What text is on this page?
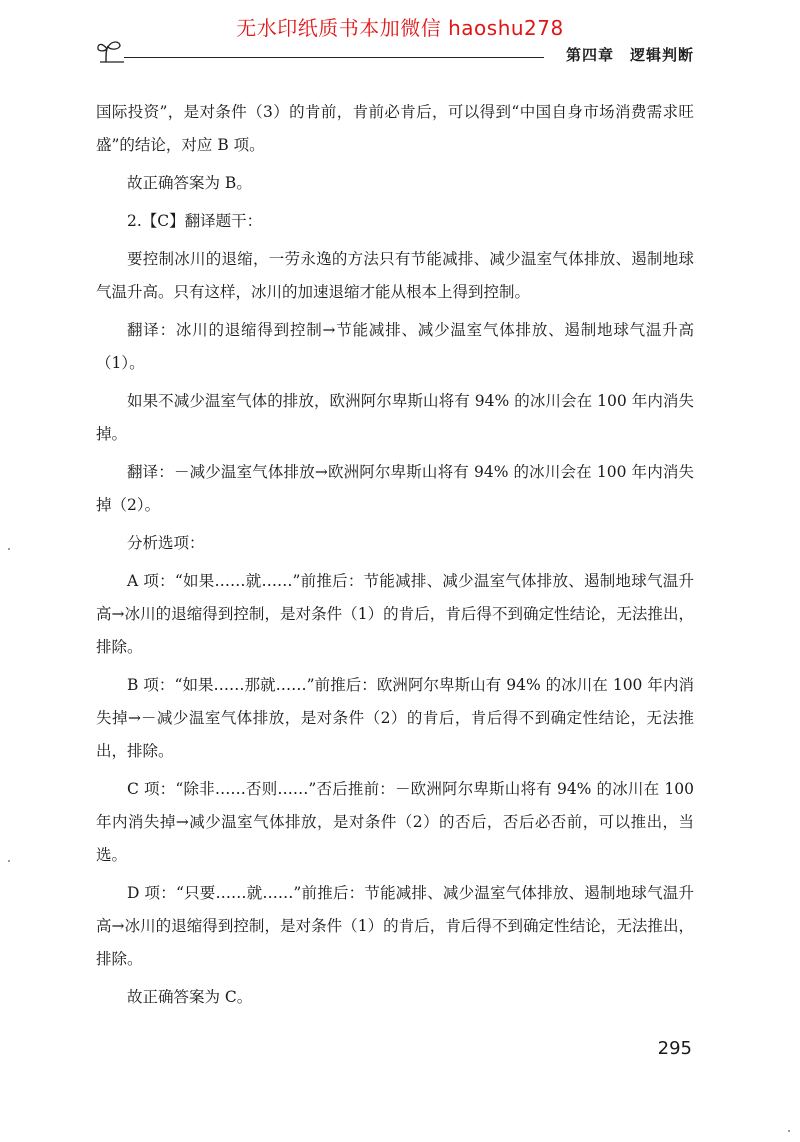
无水印纸质书本加微信 haoshu278
第四章 逻辑判断

国际投资”，是对条件（3）的肯前，肯前必肯后，可以得到“中国自身市场消费需求旺盛”的结论，对应 B 项。

故正确答案为 B。

2.【C】翻译题干：

要控制冰川的退缩，一劳永逸的方法只有节能减排、减少温室气体排放、遏制地球气温升高。只有这样，冰川的加速退缩才能从根本上得到控制。

翻译：冰川的退缩得到控制→节能减排、减少温室气体排放、遏制地球气温升高（1）。

如果不减少温室气体的排放，欧洲阿尔卑斯山将有 94% 的冰川会在 100 年内消失掉。

翻译：－减少温室气体排放→欧洲阿尔卑斯山将有 94% 的冰川会在 100 年内消失掉（2）。

分析选项：

A 项：“如果……就……”前推后：节能减排、减少温室气体排放、遏制地球气温升高→冰川的退缩得到控制，是对条件（1）的肯后，肯后得不到确定性结论，无法推出，排除。

B 项：“如果……那就……”前推后：欧洲阿尔卑斯山有 94% 的冰川在 100 年内消失掉→－减少温室气体排放，是对条件（2）的肯后，肯后得不到确定性结论，无法推出，排除。

C 项：“除非……否则……”否后推前：－欧洲阿尔卑斯山将有 94% 的冰川在 100 年内消失掉→减少温室气体排放，是对条件（2）的否后，否后必否前，可以推出，当选。

D 项：“只要……就……”前推后：节能减排、减少温室气体排放、遏制地球气温升高→冰川的退缩得到控制，是对条件（1）的肯后，肯后得不到确定性结论，无法推出，排除。

故正确答案为 C。

295
